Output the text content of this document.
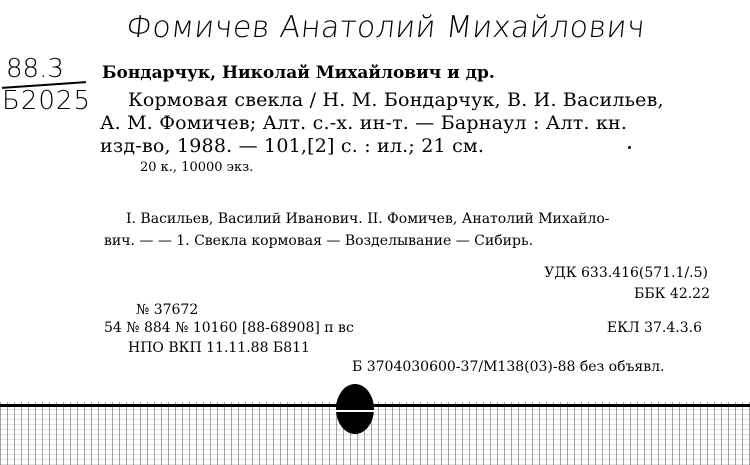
Фомичев Анатолий Михайлович
88.3
Б2025
Бондарчук, Николай Михайлович и др.
Кормовая свекла / Н. М. Бондарчук, В. И. Васильев,
А. М. Фомичев; Алт. с.-х. ин-т. — Барнаул : Алт. кн.
изд-во, 1988. — 101,[2] с. : ил.; 21 см.
20 к., 10000 экз.
I. Васильев, Василий Иванович. II. Фомичев, Анатолий Михайло-
вич. — — 1. Свекла кормовая — Возделывание — Сибирь.
УДК 633.416(571.1/.5)
ББК 42.22
№ 37672
54 № 884 № 10160 [88-68908] п вс	ЕКЛ 37.4.3.6
НПО ВКП 11.11.88 Б811
Б 3704030600-37/М138(03)-88 без объявл.
